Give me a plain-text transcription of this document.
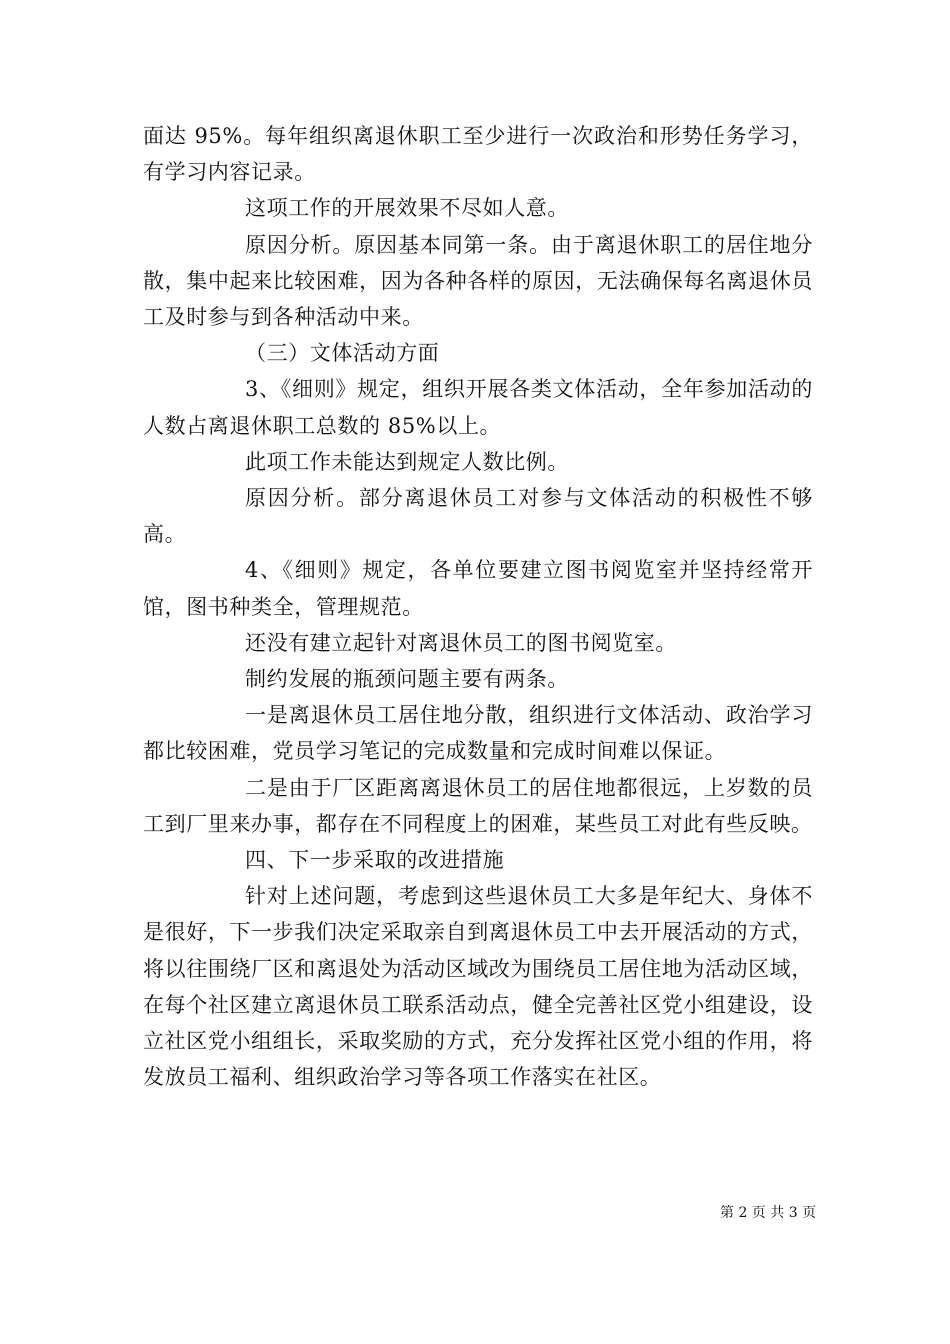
面达 95%。每年组织离退休职工至少进行一次政治和形势任务学习，有学习内容记录。

这项工作的开展效果不尽如人意。

原因分析。原因基本同第一条。由于离退休职工的居住地分散，集中起来比较困难，因为各种各样的原因，无法确保每名离退休员工及时参与到各种活动中来。

（三）文体活动方面

3、《细则》规定，组织开展各类文体活动，全年参加活动的人数占离退休职工总数的 85%以上。

此项工作未能达到规定人数比例。

原因分析。部分离退休员工对参与文体活动的积极性不够高。

4、《细则》规定，各单位要建立图书阅览室并坚持经常开馆，图书种类全，管理规范。

还没有建立起针对离退休员工的图书阅览室。

制约发展的瓶颈问题主要有两条。

一是离退休员工居住地分散，组织进行文体活动、政治学习都比较困难，党员学习笔记的完成数量和完成时间难以保证。

二是由于厂区距离离退休员工的居住地都很远，上岁数的员工到厂里来办事，都存在不同程度上的困难，某些员工对此有些反映。

四、下一步采取的改进措施

针对上述问题，考虑到这些退休员工大多是年纪大、身体不是很好，下一步我们决定采取亲自到离退休员工中去开展活动的方式，将以往围绕厂区和离退处为活动区域改为围绕员工居住地为活动区域，在每个社区建立离退休员工联系活动点，健全完善社区党小组建设，设立社区党小组组长，采取奖励的方式，充分发挥社区党小组的作用，将发放员工福利、组织政治学习等各项工作落实在社区。

第 2 页 共 3 页
